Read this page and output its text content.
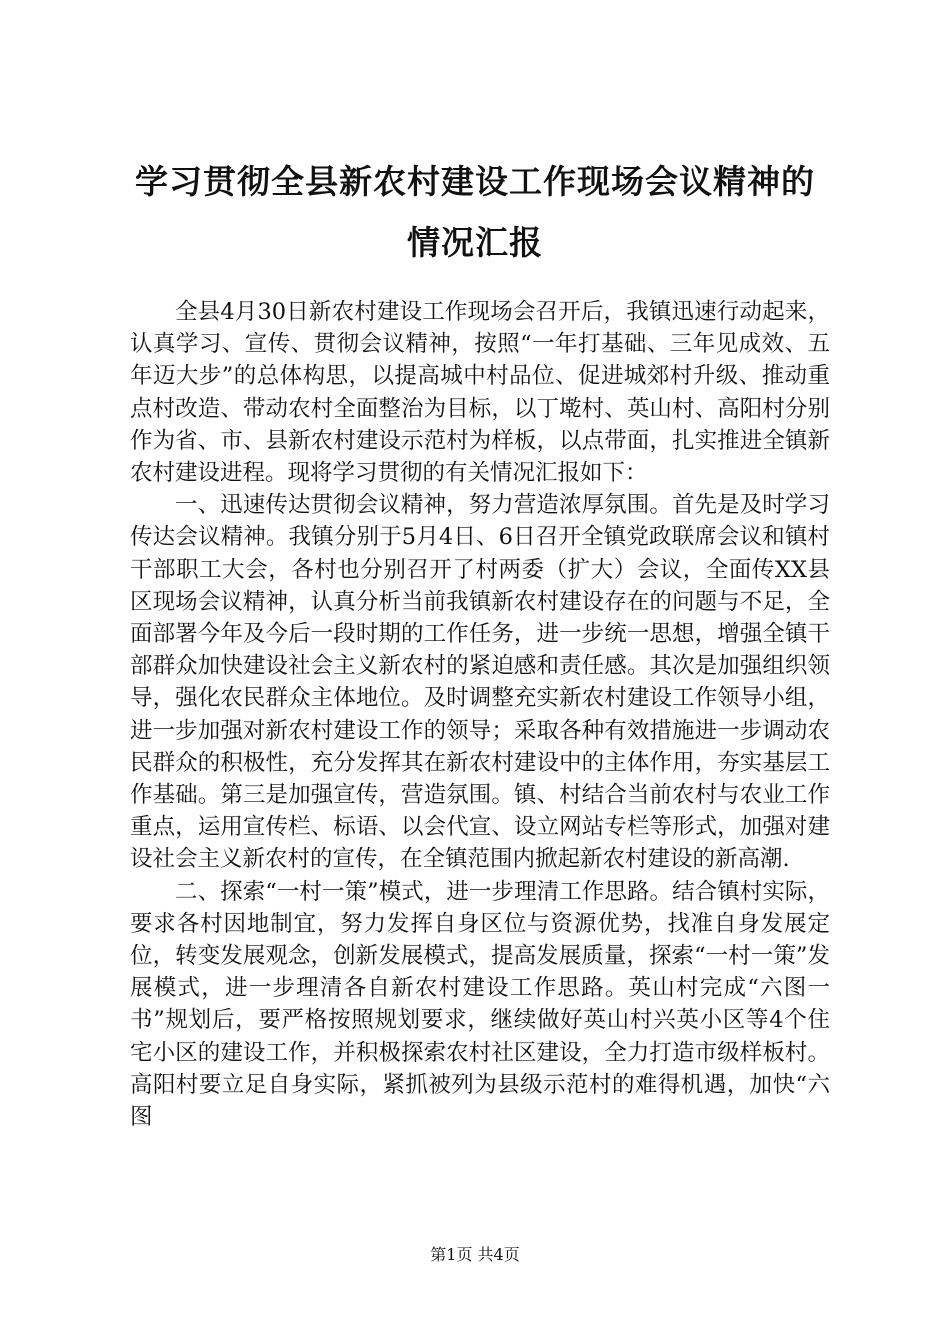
学习贯彻全县新农村建设工作现场会议精神的
情况汇报

全县4月30日新农村建设工作现场会召开后，我镇迅速行动起来，认真学习、宣传、贯彻会议精神，按照“一年打基础、三年见成效、五年迈大步”的总体构思，以提高城中村品位、促进城郊村升级、推动重点村改造、带动农村全面整治为目标，以丁墘村、英山村、高阳村分别作为省、市、县新农村建设示范村为样板，以点带面，扎实推进全镇新农村建设进程。现将学习贯彻的有关情况汇报如下：

一、迅速传达贯彻会议精神，努力营造浓厚氛围。首先是及时学习传达会议精神。我镇分别于5月4日、6日召开全镇党政联席会议和镇村干部职工大会，各村也分别召开了村两委（扩大）会议，全面传XX县区现场会议精神，认真分析当前我镇新农村建设存在的问题与不足，全面部署今年及今后一段时期的工作任务，进一步统一思想，增强全镇干部群众加快建设社会主义新农村的紧迫感和责任感。其次是加强组织领导，强化农民群众主体地位。及时调整充实新农村建设工作领导小组，进一步加强对新农村建设工作的领导；采取各种有效措施进一步调动农民群众的积极性，充分发挥其在新农村建设中的主体作用，夯实基层工作基础。第三是加强宣传，营造氛围。镇、村结合当前农村与农业工作重点，运用宣传栏、标语、以会代宣、设立网站专栏等形式，加强对建设社会主义新农村的宣传，在全镇范围内掀起新农村建设的新高潮.

二、探索“一村一策”模式，进一步理清工作思路。结合镇村实际，要求各村因地制宜，努力发挥自身区位与资源优势，找准自身发展定位，转变发展观念，创新发展模式，提高发展质量，探索“一村一策”发展模式，进一步理清各自新农村建设工作思路。英山村完成“六图一书”规划后，要严格按照规划要求，继续做好英山村兴英小区等4个住宅小区的建设工作，并积极探索农村社区建设，全力打造市级样板村。高阳村要立足自身实际，紧抓被列为县级示范村的难得机遇，加快“六图

第1页 共4页
